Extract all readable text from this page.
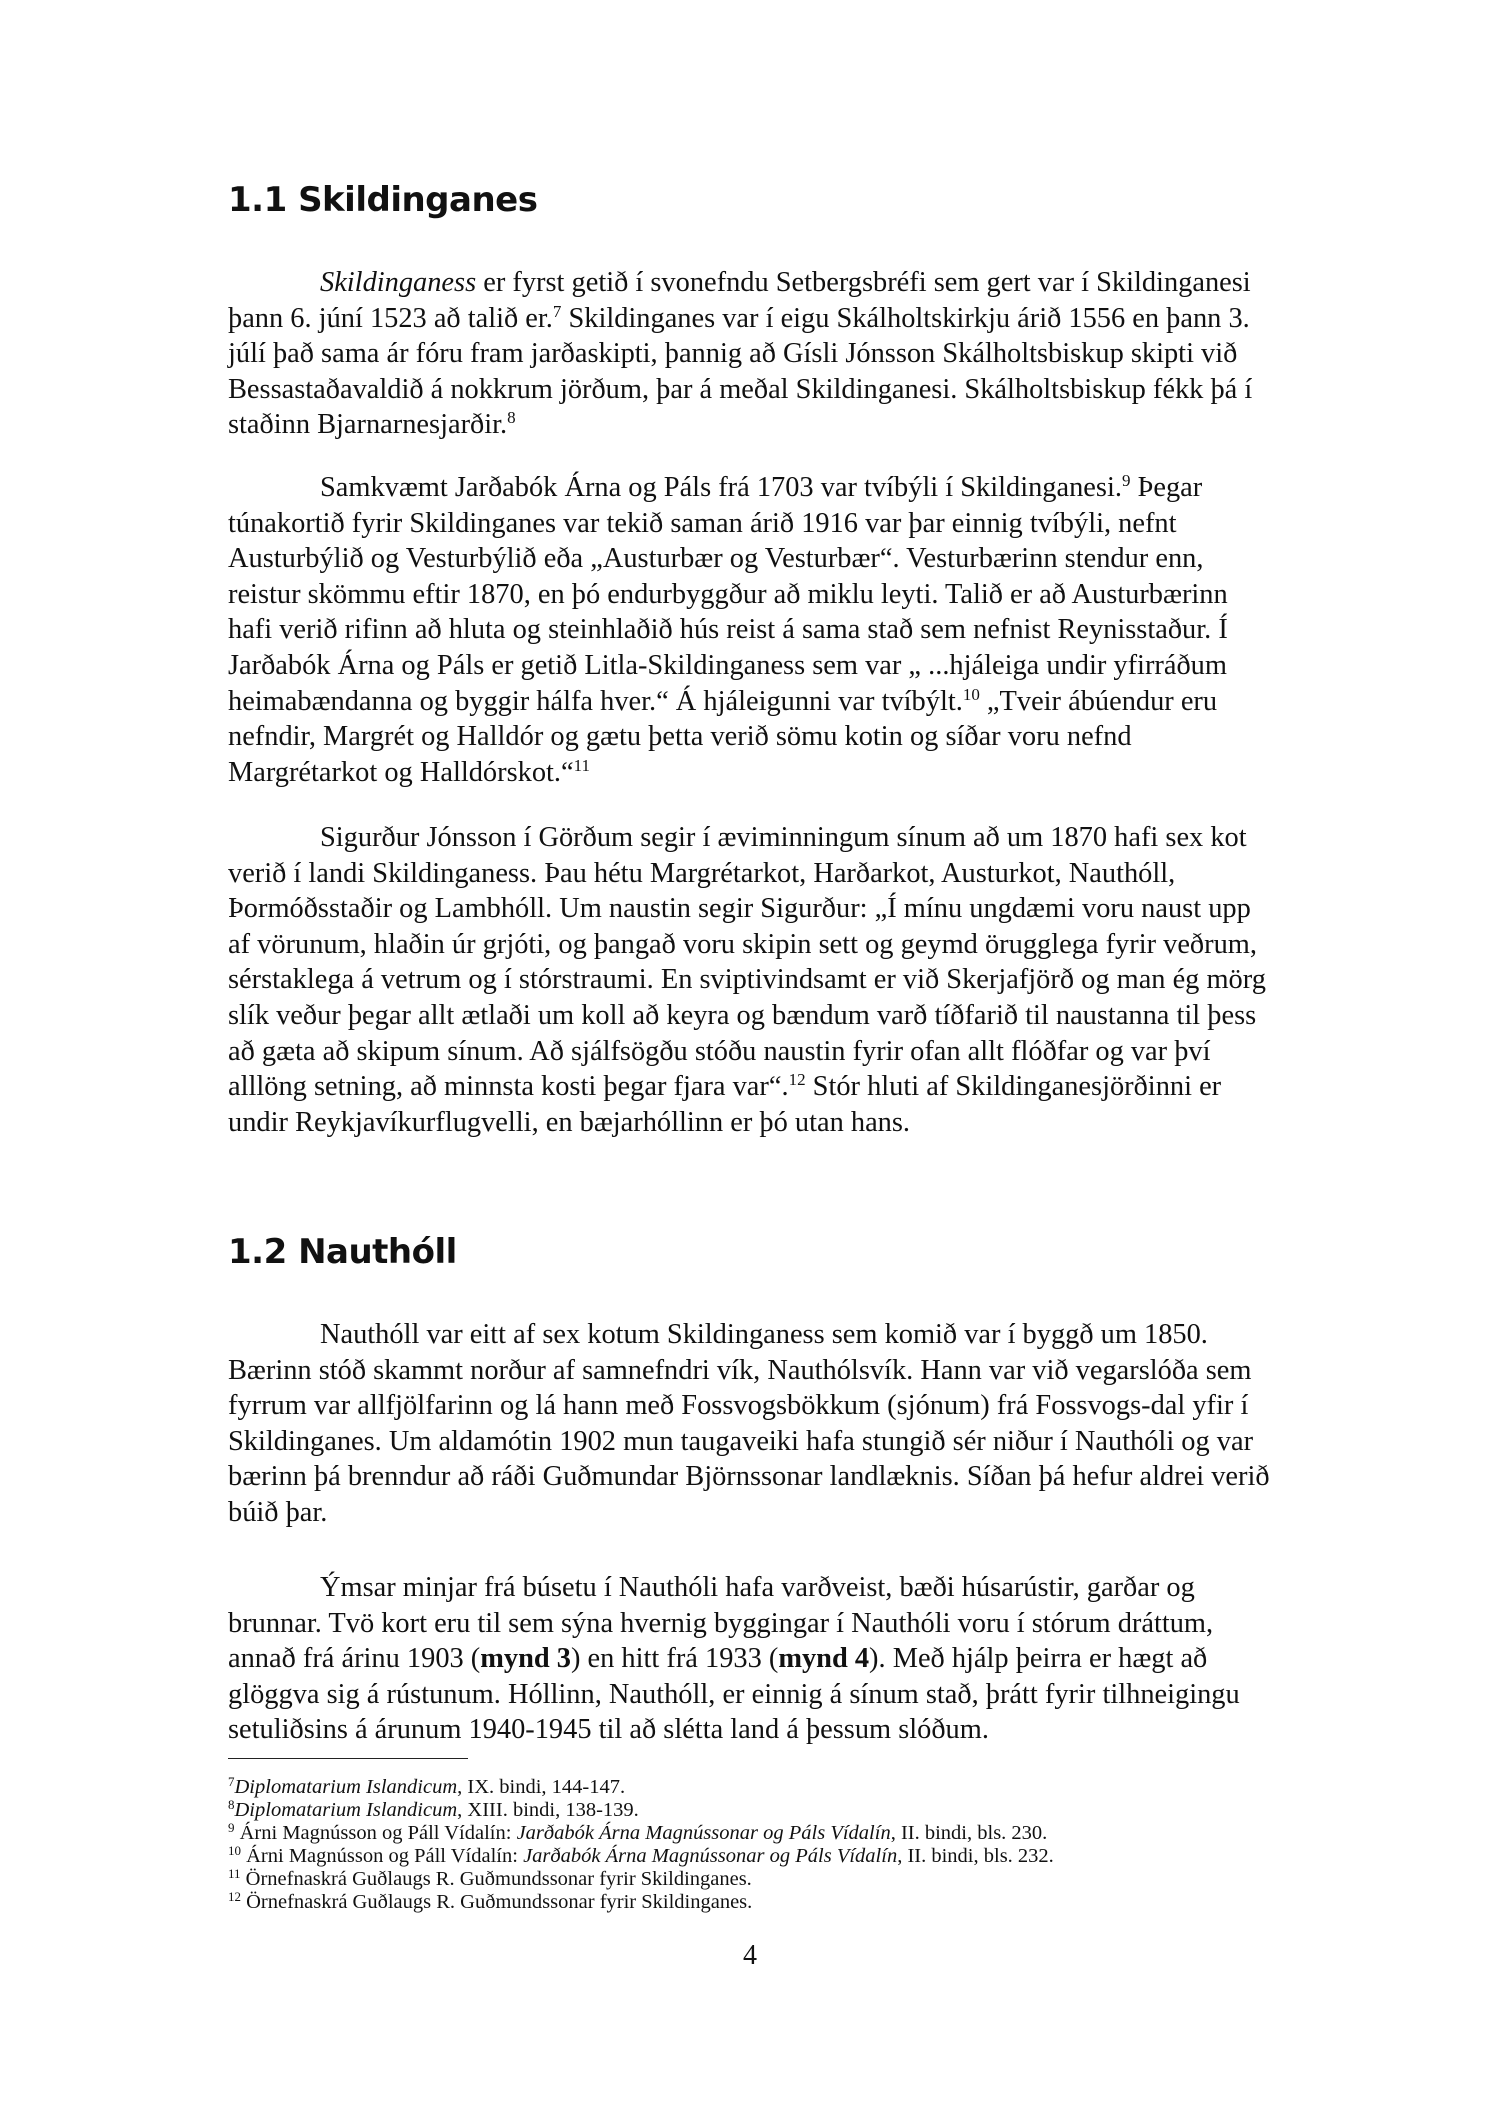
1.1 Skildinganes

Skildinganess er fyrst getið í svonefndu Setbergsbréfi sem gert var í Skildinganesi þann 6. júní 1523 að talið er.$^7$ Skildinganes var í eigu Skálholtskirkju árið 1556 en þann 3. júlí það sama ár fóru fram jarðaskipti, þannig að Gísli Jónsson Skálholtsbiskup skipti við Bessastaðavaldið á nokkrum jörðum, þar á meðal Skildinganesi. Skálholtsbiskup fékk þá í staðinn Bjarnarnesjarðir.$^8$

Samkvæmt Jarðabók Árna og Páls frá 1703 var tvíbýli í Skildinganesi.$^9$ Þegar túnakortið fyrir Skildinganes var tekið saman árið 1916 var þar einnig tvíbýli, nefnt Austurbýlið og Vesturbýlið eða „Austurbær og Vesturbær“. Vesturbærinn stendur enn, reistur skömmu eftir 1870, en þó endurbyggður að miklu leyti. Talið er að Austurbærinn hafi verið rifinn að hluta og steinhlaðið hús reist á sama stað sem nefnist Reynisstaður. Í Jarðabók Árna og Páls er getið Litla-Skildinganess sem var „ ...hjáleiga undir yfirráðum heimabændanna og byggir hálfa hver.“ Á hjáleigunni var tvíbýlt.$^{10}$ „Tveir ábúendur eru nefndir, Margrét og Halldór og gætu þetta verið sömu kotin og síðar voru nefnd Margrétarkot og Halldórskot.“$^{11}$

Sigurður Jónsson í Görðum segir í æviminningum sínum að um 1870 hafi sex kot verið í landi Skildinganess. Þau hétu Margrétarkot, Harðarkot, Austurkot, Nauthóll, Þormóðsstaðir og Lambhóll. Um naustin segir Sigurður: „Í mínu ungdæmi voru naust upp af vörunum, hlaðin úr grjóti, og þangað voru skipin sett og geymd örugglega fyrir veðrum, sérstaklega á vetrum og í stórstraumi. En sviptivindsamt er við Skerjafjörð og man ég mörg slík veður þegar allt ætlaði um koll að keyra og bændum varð tíðfarið til naustanna til þess að gæta að skipum sínum. Að sjálfsögðu stóðu naustin fyrir ofan allt flóðfar og var því alllöng setning, að minnsta kosti þegar fjara var“.$^{12}$ Stór hluti af Skildinganesjörðinni er undir Reykjavíkurflugvelli, en bæjarhóllinn er þó utan hans.

1.2 Nauthóll

Nauthóll var eitt af sex kotum Skildinganess sem komið var í byggð um 1850. Bærinn stóð skammt norður af samnefndri vík, Nauthólsvík. Hann var við vegarslóða sem fyrrum var allfjölfarinn og lá hann með Fossvogsbökkum (sjónum) frá Fossvogs-dal yfir í Skildinganes. Um aldamótin 1902 mun taugaveiki hafa stungið sér niður í Nauthóli og var bærinn þá brenndur að ráði Guðmundar Björnssonar landlæknis. Síðan þá hefur aldrei verið búið þar.

Ýmsar minjar frá búsetu í Nauthóli hafa varðveist, bæði húsarústir, garðar og brunnar. Tvö kort eru til sem sýna hvernig byggingar í Nauthóli voru í stórum dráttum, annað frá árinu 1903 (mynd 3) en hitt frá 1933 (mynd 4). Með hjálp þeirra er hægt að glöggva sig á rústunum. Hóllinn, Nauthóll, er einnig á sínum stað, þrátt fyrir tilhneigingu setuliðsins á árunum 1940-1945 til að slétta land á þessum slóðum.

$^7$Diplomatarium Islandicum, IX. bindi, 144-147.
$^8$Diplomatarium Islandicum, XIII. bindi, 138-139.
$^9$ Árni Magnússon og Páll Vídalín: Jarðabók Árna Magnússonar og Páls Vídalín, II. bindi, bls. 230.
$^{10}$ Árni Magnússon og Páll Vídalín: Jarðabók Árna Magnússonar og Páls Vídalín, II. bindi, bls. 232.
$^{11}$ Örnefnaskrá Guðlaugs R. Guðmundssonar fyrir Skildinganes.
$^{12}$ Örnefnaskrá Guðlaugs R. Guðmundssonar fyrir Skildinganes.
4
